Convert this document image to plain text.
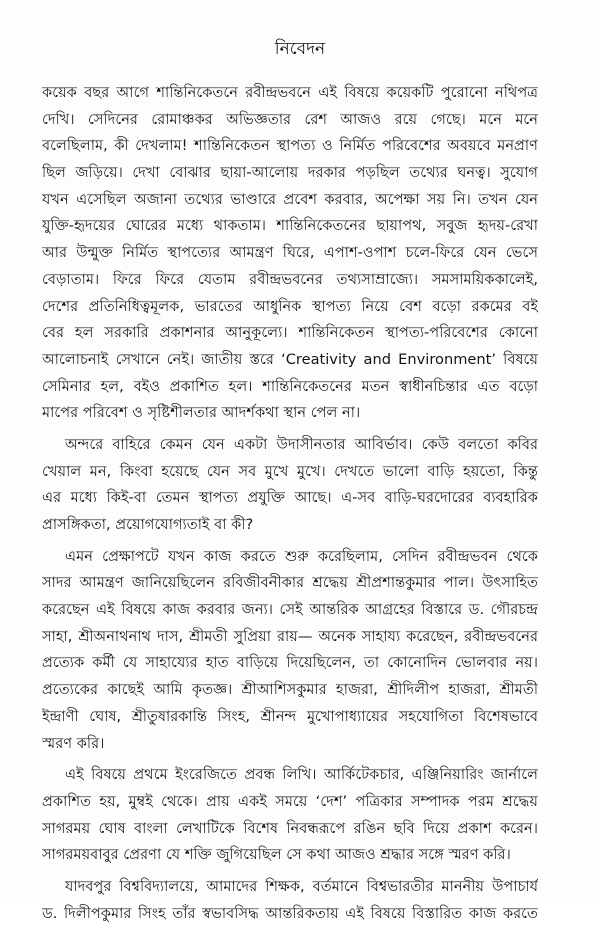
নিবেদন
কয়েক বছর আগে শান্তিনিকেতনে রবীন্দ্রভবনে এই বিষয়ে কয়েকটি পুরোনো নথিপত্র
দেখি। সেদিনের রোমাঞ্চকর অভিজ্ঞতার রেশ আজও রয়ে গেছে। মনে মনে
বলেছিলাম, কী দেখলাম! শান্তিনিকেতন স্থাপত্য ও নির্মিত পরিবেশের অবয়বে মনপ্রাণ
ছিল জড়িয়ে। দেখা বোঝার ছায়া-আলোয় দরকার পড়ছিল তথ্যের ঘনত্ব। সুযোগ
যখন এসেছিল অজানা তথ্যের ভাণ্ডারে প্রবেশ করবার, অপেক্ষা সয় নি। তখন যেন
যুক্তি-হৃদয়ের ঘোরের মধ্যে থাকতাম। শান্তিনিকেতনের ছায়াপথ, সবুজ হৃদয়-রেখা
আর উন্মুক্ত নির্মিত স্থাপত্যের আমন্ত্রণ ঘিরে, এপাশ-ওপাশ চলে-ফিরে যেন ভেসে
বেড়াতাম। ফিরে ফিরে যেতাম রবীন্দ্রভবনের তথ্যসাম্রাজ্যে। সমসাময়িককালেই,
দেশের প্রতিনিধিত্বমূলক, ভারতের আধুনিক স্থাপত্য নিয়ে বেশ বড়ো রকমের বই
বের হল সরকারি প্রকাশনার আনুকূল্যে। শান্তিনিকেতন স্থাপত্য-পরিবেশের কোনো
আলোচনাই সেখানে নেই। জাতীয় স্তরে ‘Creativity and Environment’ বিষয়ে
সেমিনার হল, বইও প্রকাশিত হল। শান্তিনিকেতনের মতন স্বাধীনচিন্তার এত বড়ো
মাপের পরিবেশ ও সৃষ্টিশীলতার আদর্শকথা স্থান পেল না।
অন্দরে বাহিরে কেমন যেন একটা উদাসীনতার আবির্ভাব। কেউ বলতো কবির
খেয়াল মন, কিংবা হয়েছে যেন সব মুখে মুখে। দেখতে ভালো বাড়ি হয়তো, কিন্তু
এর মধ্যে কিই-বা তেমন স্থাপত্য প্রযুক্তি আছে। এ-সব বাড়ি-ঘরদোরের ব্যবহারিক
প্রাসঙ্গিকতা, প্রয়োগযোগ্যতাই বা কী?
এমন প্রেক্ষাপটে যখন কাজ করতে শুরু করেছিলাম, সেদিন রবীন্দ্রভবন থেকে
সাদর আমন্ত্রণ জানিয়েছিলেন রবিজীবনীকার শ্রদ্ধেয় শ্রীপ্রশান্তকুমার পাল। উৎসাহিত
করেছেন এই বিষয়ে কাজ করবার জন্য। সেই আন্তরিক আগ্রহের বিস্তারে ড. গৌরচন্দ্র
সাহা, শ্রীঅনাথনাথ দাস, শ্রীমতী সুপ্রিয়া রায়— অনেক সাহায্য করেছেন, রবীন্দ্রভবনের
প্রত্যেক কর্মী যে সাহায্যের হাত বাড়িয়ে দিয়েছিলেন, তা কোনোদিন ভোলবার নয়।
প্রত্যেকের কাছেই আমি কৃতজ্ঞ। শ্রীআশিসকুমার হাজরা, শ্রীদিলীপ হাজরা, শ্রীমতী
ইন্দ্রাণী ঘোষ, শ্রীতুষারকান্তি সিংহ, শ্রীনন্দ মুখোপাধ্যায়ের সহযোগিতা বিশেষভাবে
স্মরণ করি।
এই বিষয়ে প্রথমে ইংরেজিতে প্রবন্ধ লিখি। আর্কিটেকচার, এঞ্জিনিয়ারিং জার্নালে
প্রকাশিত হয়, মুম্বই থেকে। প্রায় একই সময়ে ‘দেশ’ পত্রিকার সম্পাদক পরম শ্রদ্ধেয়
সাগরময় ঘোষ বাংলা লেখাটিকে বিশেষ নিবন্ধরূপে রঙিন ছবি দিয়ে প্রকাশ করেন।
সাগরময়বাবুর প্রেরণা যে শক্তি জুগিয়েছিল সে কথা আজও শ্রদ্ধার সঙ্গে স্মরণ করি।
যাদবপুর বিশ্ববিদ্যালয়ে, আমাদের শিক্ষক, বর্তমানে বিশ্বভারতীর মাননীয় উপাচার্য
ড. দিলীপকুমার সিংহ তাঁর স্বভাবসিদ্ধ আন্তরিকতায় এই বিষয়ে বিস্তারিত কাজ করতে
